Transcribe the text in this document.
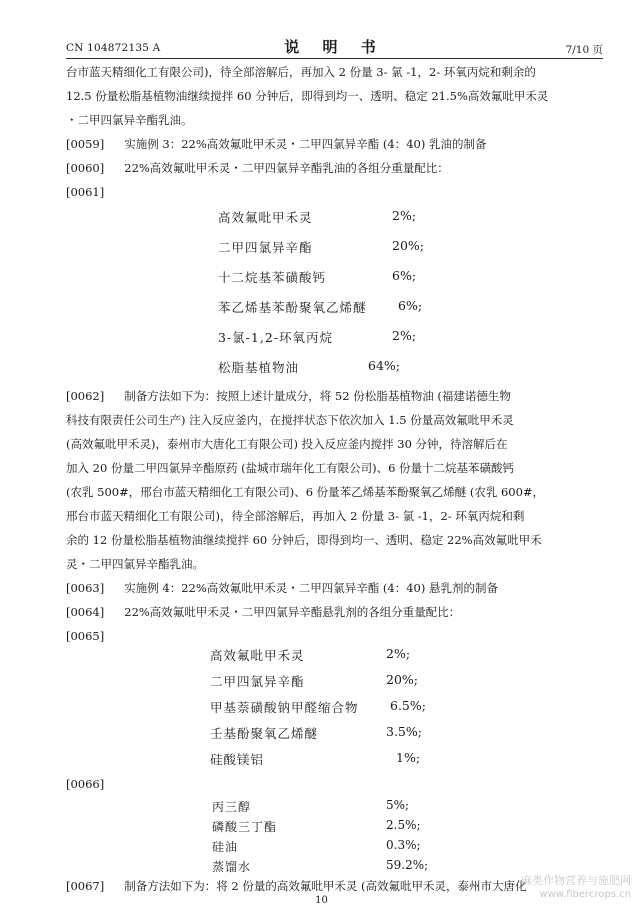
CN 104872135 A	说 明 书	7/10 页
台市蓝天精细化工有限公司)，待全部溶解后，再加入 2 份量 3- 氯 -1，2- 环氧丙烷和剩余的
12.5 份量松脂基植物油继续搅拌 60 分钟后，即得到均一、透明、稳定 21.5%高效氟吡甲禾灵
・二甲四氯异辛酯乳油。
[0059] 实施例 3：22%高效氟吡甲禾灵・二甲四氯异辛酯 (4：40) 乳油的制备
[0060] 22%高效氟吡甲禾灵・二甲四氯异辛酯乳油的各组分重量配比：
[0061]
高效氟吡甲禾灵	2%;
二甲四氯异辛酯	20%;
十二烷基苯磺酸钙	6%;
苯乙烯基苯酚聚氧乙烯醚	6%;
3-氯-1,2-环氧丙烷	2%;
松脂基植物油	64%;
[0062] 制备方法如下为：按照上述计量成分，将 52 份松脂基植物油 (福建诺德生物
科技有限责任公司生产) 注入反应釜内，在搅拌状态下依次加入 1.5 份量高效氟吡甲禾灵
(高效氟吡甲禾灵)，泰州市大唐化工有限公司) 投入反应釜内搅拌 30 分钟，待溶解后在
加入 20 份量二甲四氯异辛酯原药 (盐城市瑞年化工有限公司)、6 份量十二烷基苯磺酸钙
(农乳 500#，邢台市蓝天精细化工有限公司)、6 份量苯乙烯基苯酚聚氧乙烯醚 (农乳 600#，
邢台市蓝天精细化工有限公司)，待全部溶解后，再加入 2 份量 3- 氯 -1，2- 环氧丙烷和剩
余的 12 份量松脂基植物油继续搅拌 60 分钟后，即得到均一、透明、稳定 22%高效氟吡甲禾
灵・二甲四氯异辛酯乳油。
[0063] 实施例 4：22%高效氟吡甲禾灵・二甲四氯异辛酯 (4：40) 悬乳剂的制备
[0064] 22%高效氟吡甲禾灵・二甲四氯异辛酯悬乳剂的各组分重量配比：
[0065]
高效氟吡甲禾灵	2%;
二甲四氯异辛酯	20%;
甲基萘磺酸钠甲醛缩合物	6.5%;
壬基酚聚氧乙烯醚	3.5%;
硅酸镁铝	1%;
[0066]
丙三醇	5%;
磷酸三丁酯	2.5%;
硅油	0.3%;
蒸馏水	59.2%;
[0067] 制备方法如下为：将 2 份量的高效氟吡甲禾灵 (高效氟吡甲禾灵，泰州市大唐化
10
麻类作物营养与施肥网
www.fibercrops.cn
